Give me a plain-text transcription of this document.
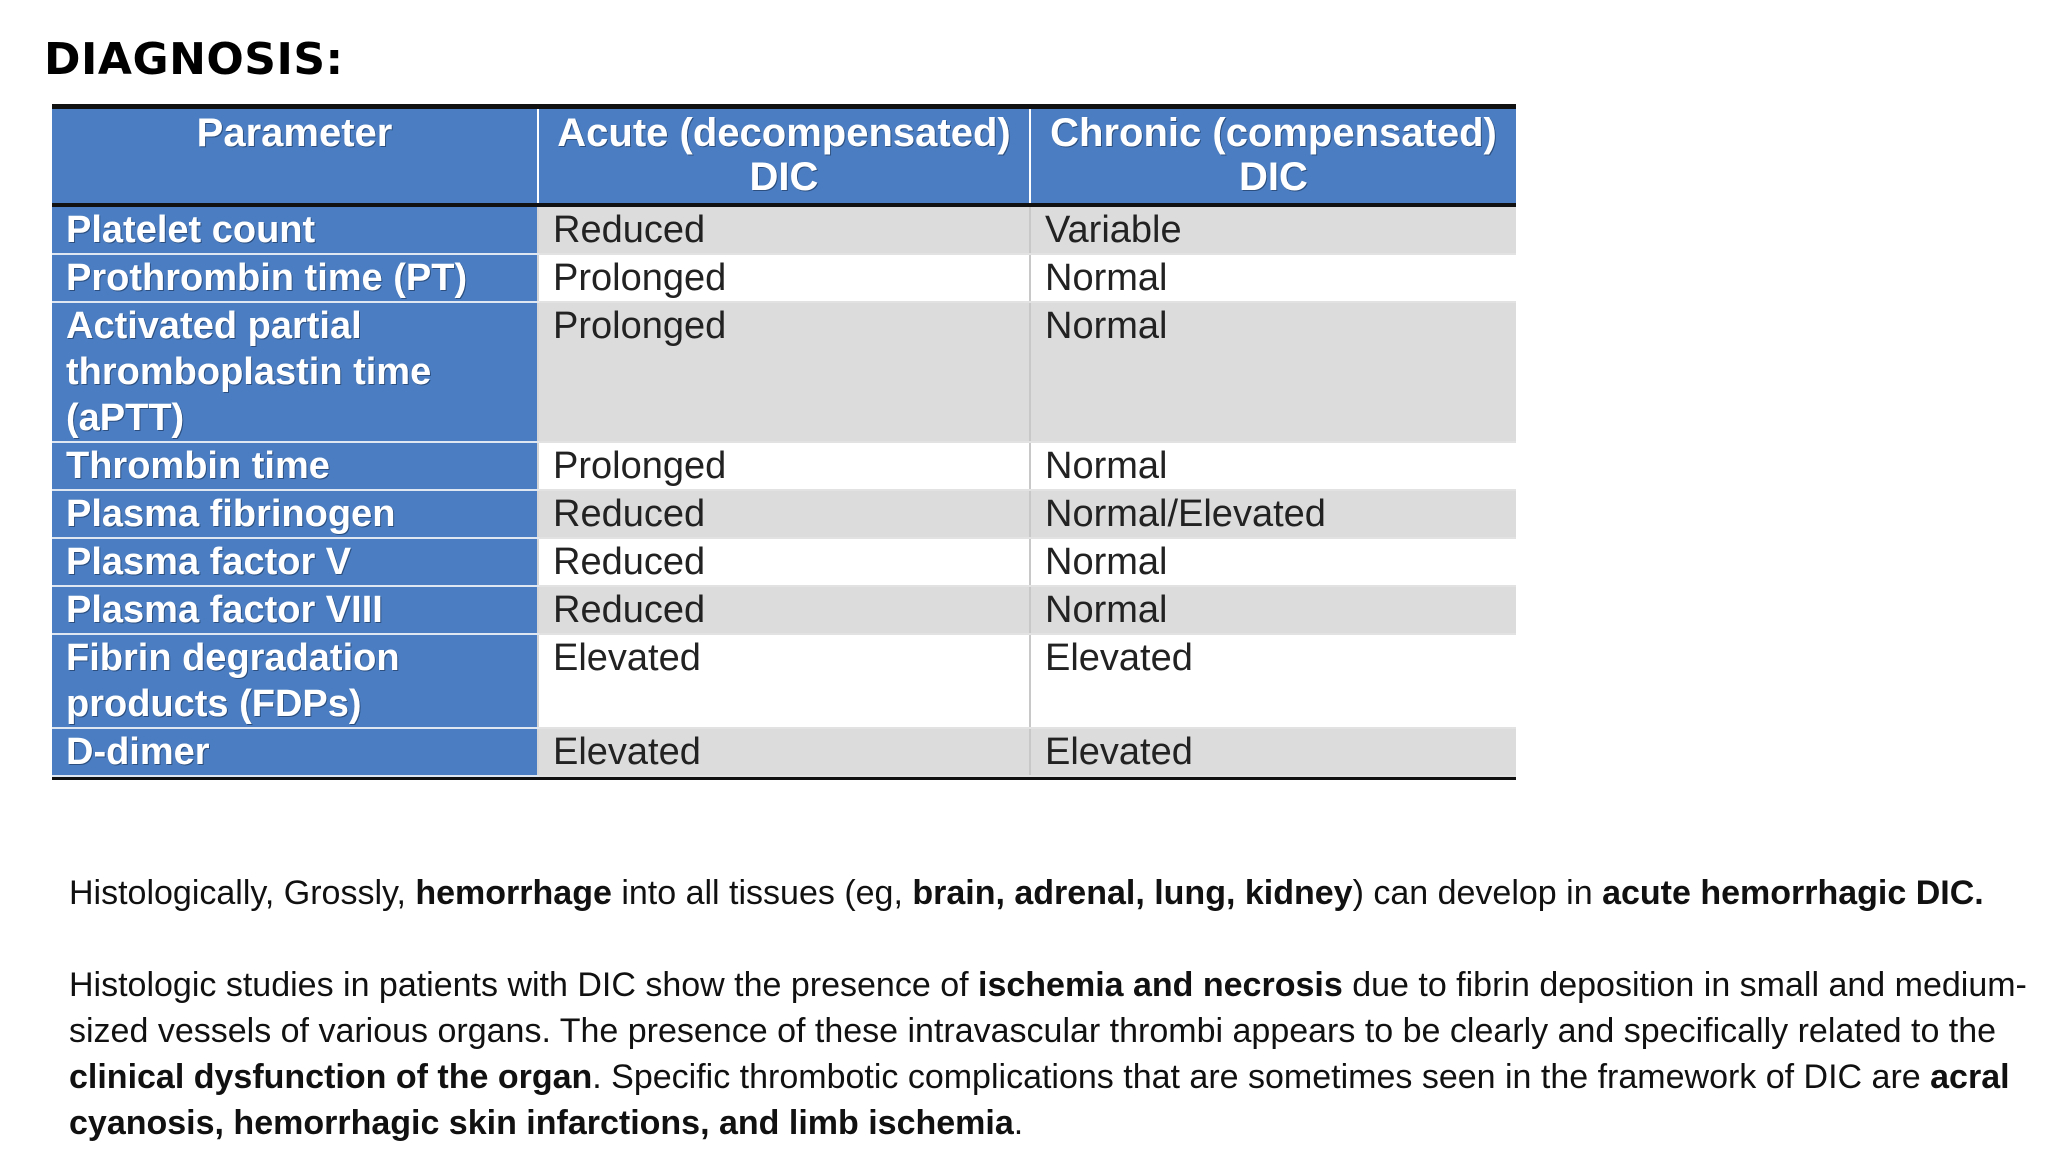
DIAGNOSIS:
Parameter	Acute (decompensated) DIC	Chronic (compensated) DIC
Platelet count	Reduced	Variable
Prothrombin time (PT)	Prolonged	Normal
Activated partial thromboplastin time (aPTT)	Prolonged	Normal
Thrombin time	Prolonged	Normal
Plasma fibrinogen	Reduced	Normal/Elevated
Plasma factor V	Reduced	Normal
Plasma factor VIII	Reduced	Normal
Fibrin degradation products (FDPs)	Elevated	Elevated
D-dimer	Elevated	Elevated

Histologically, Grossly, hemorrhage into all tissues (eg, brain, adrenal, lung, kidney) can develop in acute hemorrhagic DIC.

Histologic studies in patients with DIC show the presence of ischemia and necrosis due to fibrin deposition in small and medium-sized vessels of various organs. The presence of these intravascular thrombi appears to be clearly and specifically related to the clinical dysfunction of the organ. Specific thrombotic complications that are sometimes seen in the framework of DIC are acral cyanosis, hemorrhagic skin infarctions, and limb ischemia.
